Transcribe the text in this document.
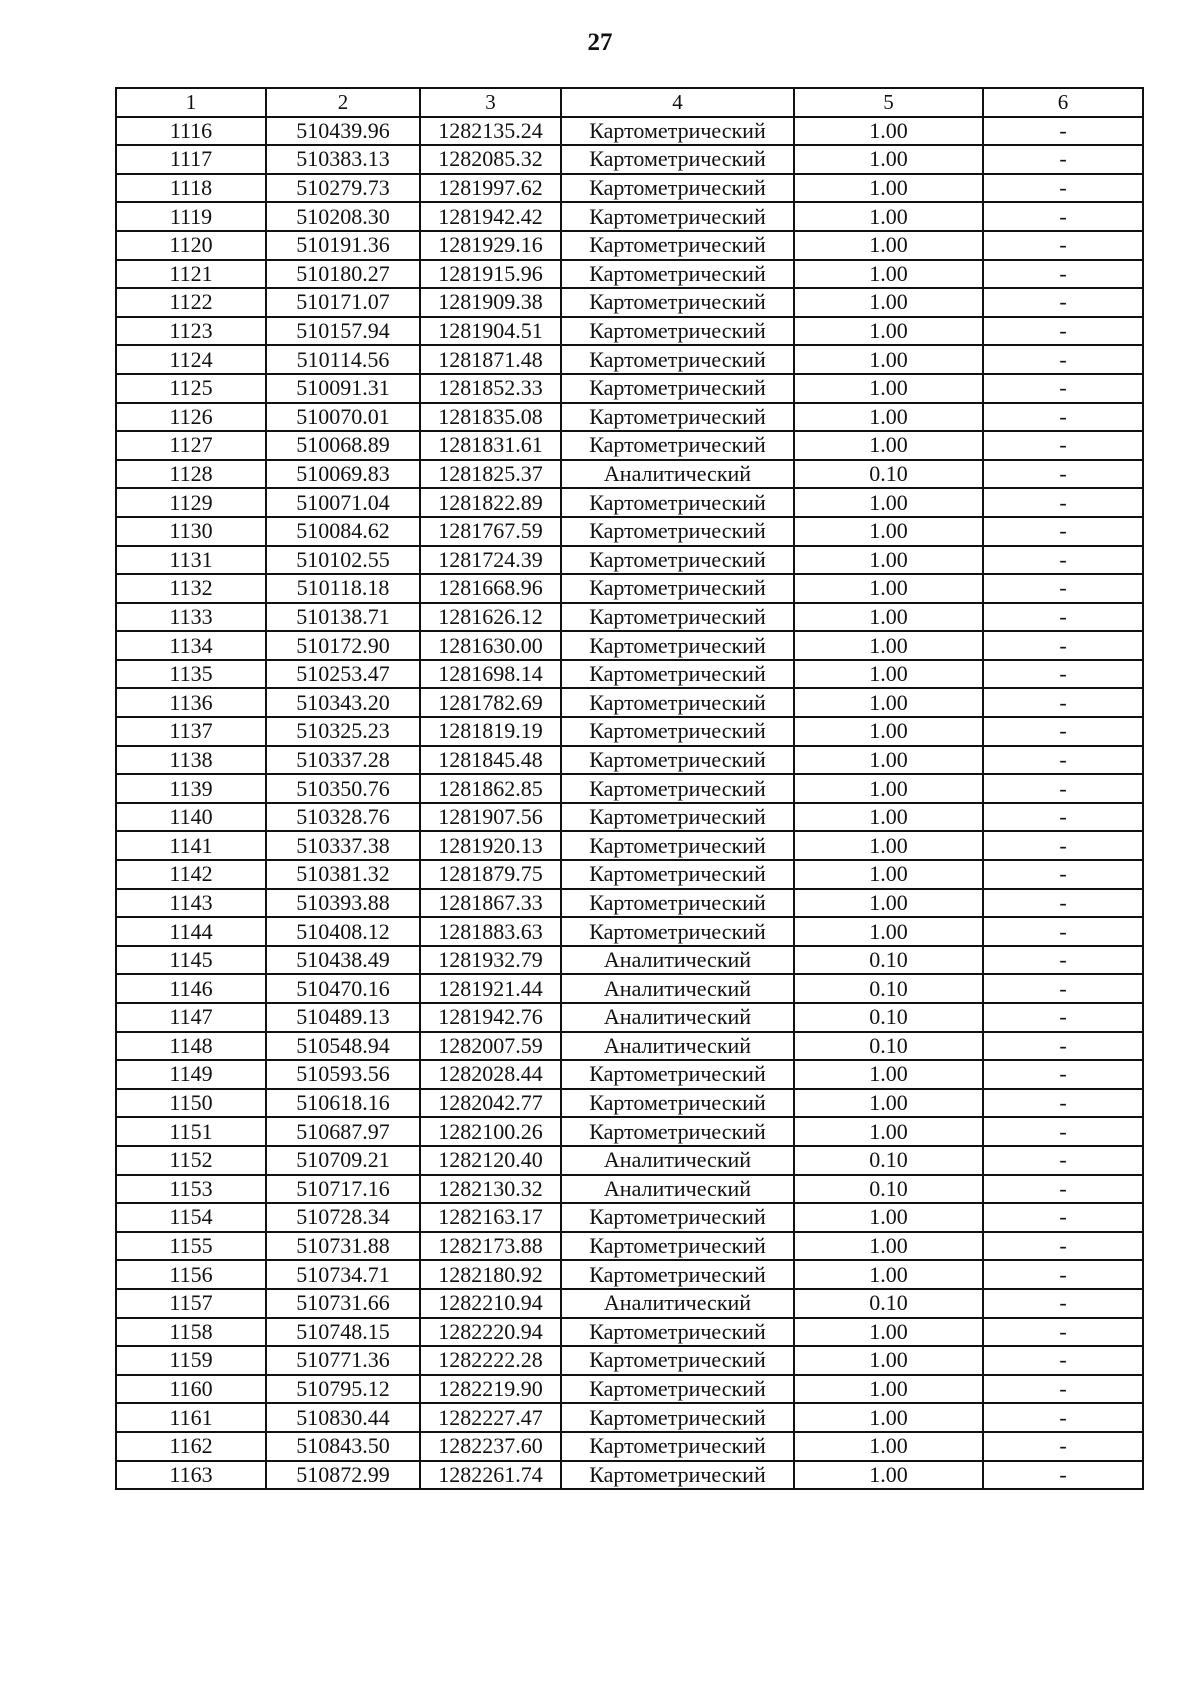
27
1	2	3	4	5	6
1116	510439.96	1282135.24	Картометрический	1.00	-
1117	510383.13	1282085.32	Картометрический	1.00	-
1118	510279.73	1281997.62	Картометрический	1.00	-
1119	510208.30	1281942.42	Картометрический	1.00	-
1120	510191.36	1281929.16	Картометрический	1.00	-
1121	510180.27	1281915.96	Картометрический	1.00	-
1122	510171.07	1281909.38	Картометрический	1.00	-
1123	510157.94	1281904.51	Картометрический	1.00	-
1124	510114.56	1281871.48	Картометрический	1.00	-
1125	510091.31	1281852.33	Картометрический	1.00	-
1126	510070.01	1281835.08	Картометрический	1.00	-
1127	510068.89	1281831.61	Картометрический	1.00	-
1128	510069.83	1281825.37	Аналитический	0.10	-
1129	510071.04	1281822.89	Картометрический	1.00	-
1130	510084.62	1281767.59	Картометрический	1.00	-
1131	510102.55	1281724.39	Картометрический	1.00	-
1132	510118.18	1281668.96	Картометрический	1.00	-
1133	510138.71	1281626.12	Картометрический	1.00	-
1134	510172.90	1281630.00	Картометрический	1.00	-
1135	510253.47	1281698.14	Картометрический	1.00	-
1136	510343.20	1281782.69	Картометрический	1.00	-
1137	510325.23	1281819.19	Картометрический	1.00	-
1138	510337.28	1281845.48	Картометрический	1.00	-
1139	510350.76	1281862.85	Картометрический	1.00	-
1140	510328.76	1281907.56	Картометрический	1.00	-
1141	510337.38	1281920.13	Картометрический	1.00	-
1142	510381.32	1281879.75	Картометрический	1.00	-
1143	510393.88	1281867.33	Картометрический	1.00	-
1144	510408.12	1281883.63	Картометрический	1.00	-
1145	510438.49	1281932.79	Аналитический	0.10	-
1146	510470.16	1281921.44	Аналитический	0.10	-
1147	510489.13	1281942.76	Аналитический	0.10	-
1148	510548.94	1282007.59	Аналитический	0.10	-
1149	510593.56	1282028.44	Картометрический	1.00	-
1150	510618.16	1282042.77	Картометрический	1.00	-
1151	510687.97	1282100.26	Картометрический	1.00	-
1152	510709.21	1282120.40	Аналитический	0.10	-
1153	510717.16	1282130.32	Аналитический	0.10	-
1154	510728.34	1282163.17	Картометрический	1.00	-
1155	510731.88	1282173.88	Картометрический	1.00	-
1156	510734.71	1282180.92	Картометрический	1.00	-
1157	510731.66	1282210.94	Аналитический	0.10	-
1158	510748.15	1282220.94	Картометрический	1.00	-
1159	510771.36	1282222.28	Картометрический	1.00	-
1160	510795.12	1282219.90	Картометрический	1.00	-
1161	510830.44	1282227.47	Картометрический	1.00	-
1162	510843.50	1282237.60	Картометрический	1.00	-
1163	510872.99	1282261.74	Картометрический	1.00	-
